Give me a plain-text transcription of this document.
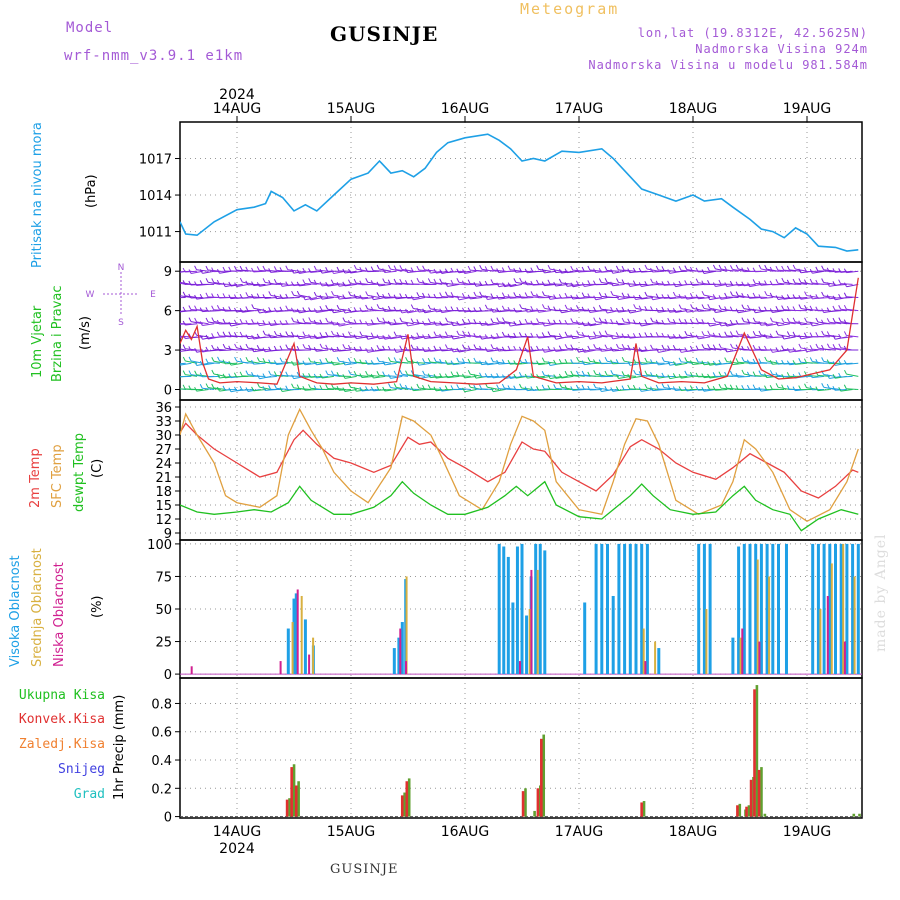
Model
wrf-nmm_v3.9.1 e1km
GUSINJE
Meteogram
lon,lat (19.8312E, 42.5625N)
Nadmorska Visina 924m
Nadmorska Visina u modelu 981.584m
Pritisak na nivou mora	(hPa)
10m Vjetar Brzina i Pravac (m/s)
2m Temp SFC Temp dewpt Temp (C)
Visoka Oblacnost Srednja Oblacnost Niska Oblacnost (%)
Ukupna Kisa
Konvek.Kisa
Zaledj.Kisa
Snijeg
Grad 1hr Precip (mm)
GUSINJE
made by Angel
14AUG
14AUG
15AUG
15AUG
16AUG
16AUG
17AUG
17AUG
18AUG
18AUG
19AUG
19AUG
2024
2024
1011
1014
1017
0
3
6
9
9
12
15
18
21
24
27
30
33
36
0
25
50
75
100
0
0.2
0.4
0.6
0.8
N
S
W	E
